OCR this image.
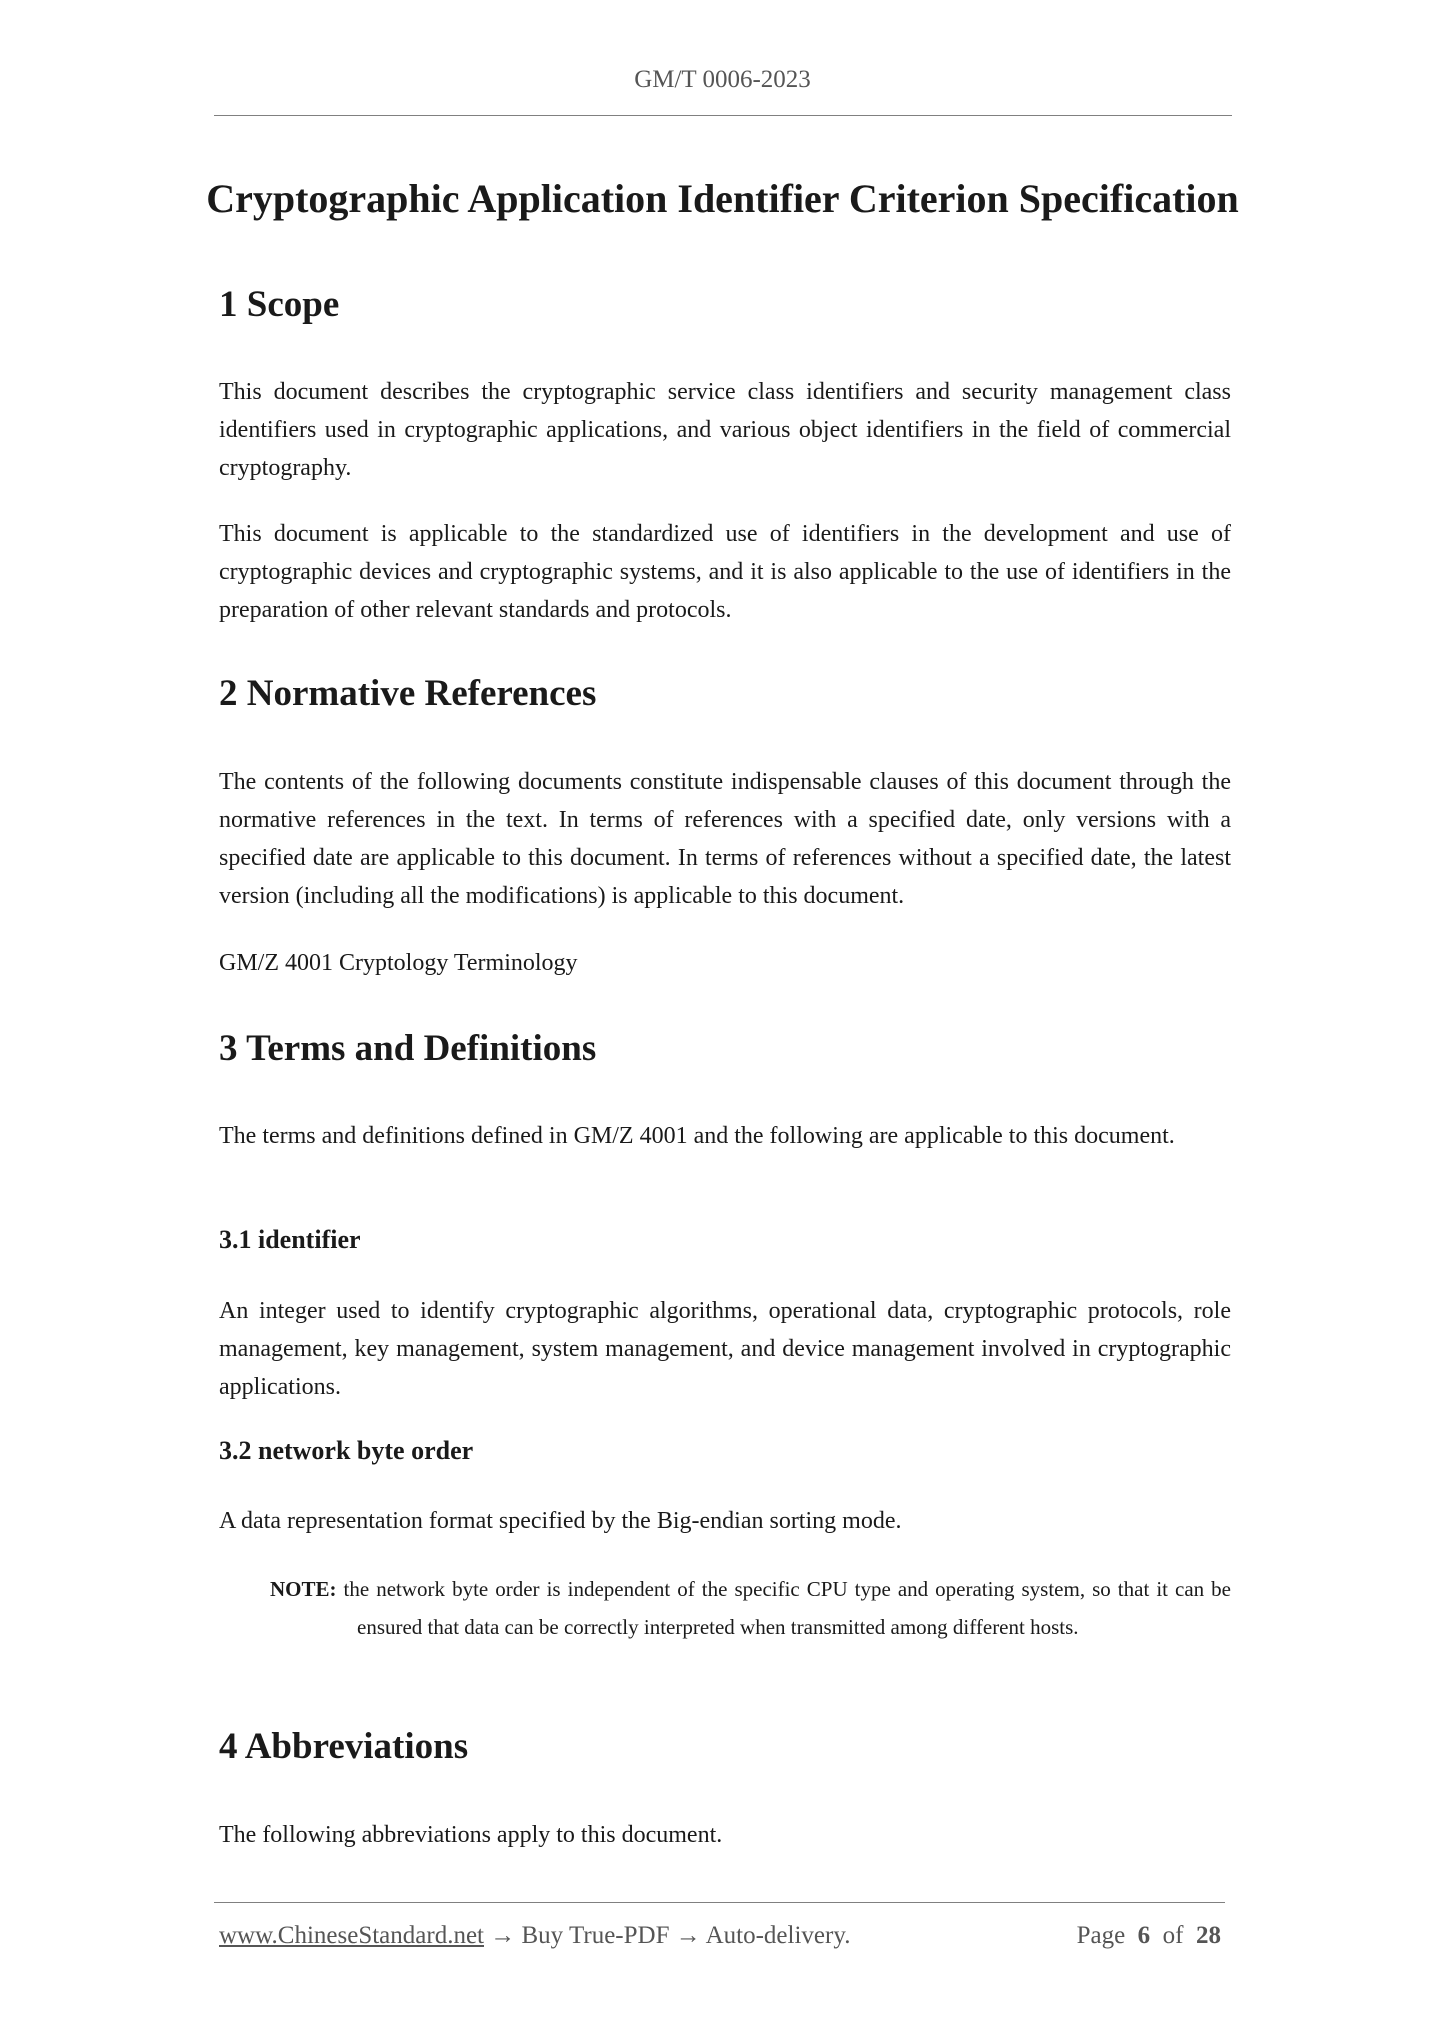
GM/T 0006-2023
Cryptographic Application Identifier Criterion Specification
1 Scope

This document describes the cryptographic service class identifiers and security management class identifiers used in cryptographic applications, and various object identifiers in the field of commercial cryptography.

This document is applicable to the standardized use of identifiers in the development and use of cryptographic devices and cryptographic systems, and it is also applicable to the use of identifiers in the preparation of other relevant standards and protocols.

2 Normative References

The contents of the following documents constitute indispensable clauses of this document through the normative references in the text. In terms of references with a specified date, only versions with a specified date are applicable to this document. In terms of references without a specified date, the latest version (including all the modifications) is applicable to this document.

GM/Z 4001 Cryptology Terminology

3 Terms and Definitions

The terms and definitions defined in GM/Z 4001 and the following are applicable to this document.

3.1 identifier

An integer used to identify cryptographic algorithms, operational data, cryptographic protocols, role management, key management, system management, and device management involved in cryptographic applications.

3.2 network byte order

A data representation format specified by the Big-endian sorting mode.

NOTE: the network byte order is independent of the specific CPU type and operating system, so that it can be ensured that data can be correctly interpreted when transmitted among different hosts.

4 Abbreviations

The following abbreviations apply to this document.

www.ChineseStandard.net → Buy True-PDF → Auto-delivery.	Page 6 of 28
